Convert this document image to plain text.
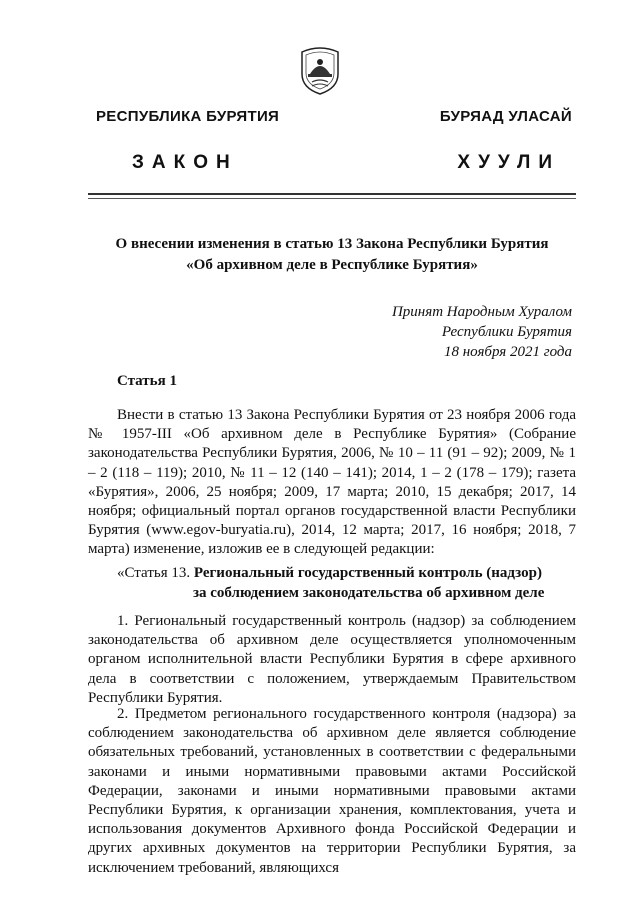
РЕСПУБЛИКА БУРЯТИЯ	БУРЯАД УЛАСАЙ
ЗАКОН	ХУУЛИ
О внесении изменения в статью 13 Закона Республики Бурятия
«Об архивном деле в Республике Бурятия»
Принят Народным Хуралом
Республики Бурятия
18 ноября 2021 года
Статья 1

Внести в статью 13 Закона Республики Бурятия от 23 ноября 2006 года № 1957-III «Об архивном деле в Республике Бурятия» (Собрание законодательства Республики Бурятия, 2006, № 10 – 11 (91 – 92); 2009, № 1 – 2 (118 – 119); 2010, № 11 – 12 (140 – 141); 2014, 1 – 2 (178 – 179); газета «Бурятия», 2006, 25 ноября; 2009, 17 марта; 2010, 15 декабря; 2017, 14 ноября; официальный портал органов государственной власти Республики Бурятия (www.egov-buryatia.ru), 2014, 12 марта; 2017, 16 ноября; 2018, 7 марта) изменение, изложив ее в следующей редакции:

«Статья 13. Региональный государственный контроль (надзор)
за соблюдением законодательства об архивном деле

1. Региональный государственный контроль (надзор) за соблюдением законодательства об архивном деле осуществляется уполномоченным органом исполнительной власти Республики Бурятия в сфере архивного дела в соответствии с положением, утверждаемым Правительством Республики Бурятия.

2. Предметом регионального государственного контроля (надзора) за соблюдением законодательства об архивном деле является соблюдение обязательных требований, установленных в соответствии с федеральными законами и иными нормативными правовыми актами Российской Федерации, законами и иными нормативными правовыми актами Республики Бурятия, к организации хранения, комплектования, учета и использования документов Архивного фонда Российской Федерации и других архивных документов на территории Республики Бурятия, за исключением требований, являющихся
